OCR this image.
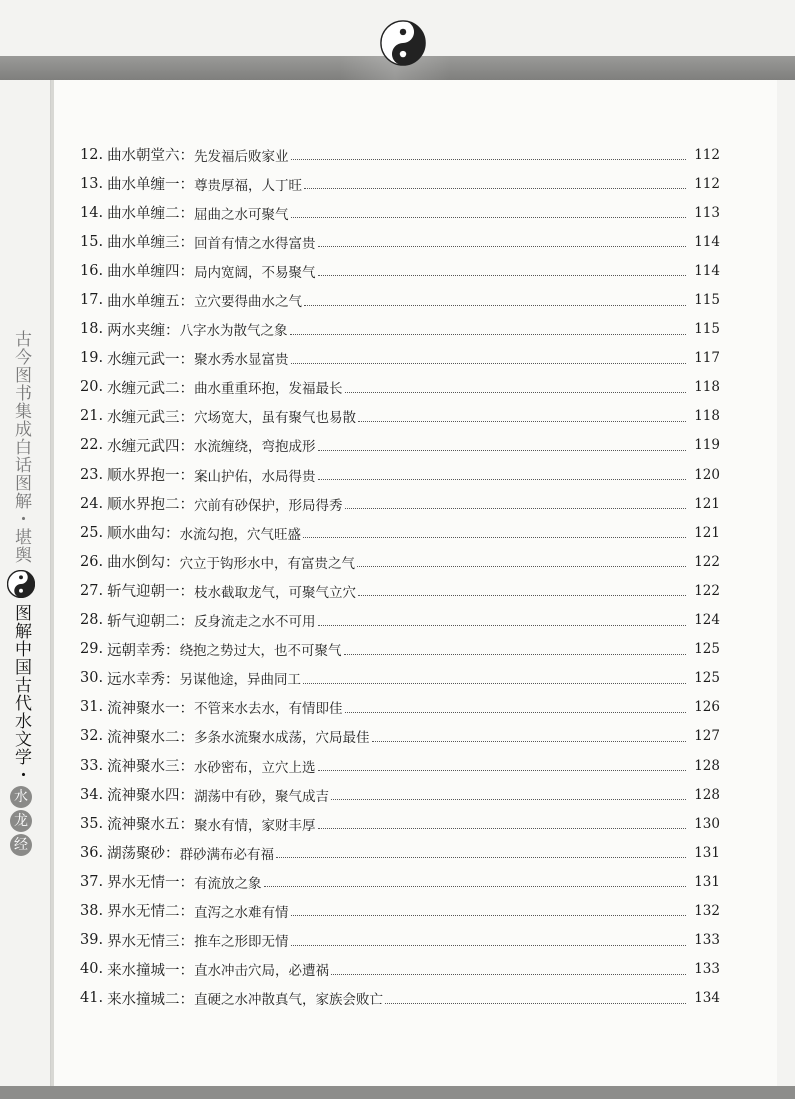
古今图书集成白话图解・堪舆
图解中国古代水文学・
水
龙
经
12. 曲水朝堂六： 先发福后败家业	112
13. 曲水单缠一： 尊贵厚福，人丁旺	112
14. 曲水单缠二： 屈曲之水可聚气	113
15. 曲水单缠三： 回首有情之水得富贵	114
16. 曲水单缠四： 局内宽阔，不易聚气	114
17. 曲水单缠五： 立穴要得曲水之气	115
18. 两水夹缠： 八字水为散气之象	115
19. 水缠元武一： 聚水秀水显富贵	117
20. 水缠元武二： 曲水重重环抱，发福最长	118
21. 水缠元武三： 穴场宽大，虽有聚气也易散	118
22. 水缠元武四： 水流缠绕，弯抱成形	119
23. 顺水界抱一： 案山护佑，水局得贵	120
24. 顺水界抱二： 穴前有砂保护，形局得秀	121
25. 顺水曲勾： 水流勾抱，穴气旺盛	121
26. 曲水倒勾： 穴立于钩形水中，有富贵之气	122
27. 斩气迎朝一： 枝水截取龙气，可聚气立穴	122
28. 斩气迎朝二： 反身流走之水不可用	124
29. 远朝幸秀： 绕抱之势过大，也不可聚气	125
30. 远水幸秀： 另谋他途，异曲同工	125
31. 流神聚水一： 不管来水去水，有情即佳	126
32. 流神聚水二： 多条水流聚水成荡，穴局最佳	127
33. 流神聚水三： 水砂密布，立穴上选	128
34. 流神聚水四： 湖荡中有砂，聚气成吉	128
35. 流神聚水五： 聚水有情，家财丰厚	130
36. 湖荡聚砂： 群砂满布必有福	131
37. 界水无情一： 有流放之象	131
38. 界水无情二： 直泻之水难有情	132
39. 界水无情三： 推车之形即无情	133
40. 来水撞城一： 直水冲击穴局，必遭祸	133
41. 来水撞城二： 直硬之水冲散真气，家族会败亡	134
